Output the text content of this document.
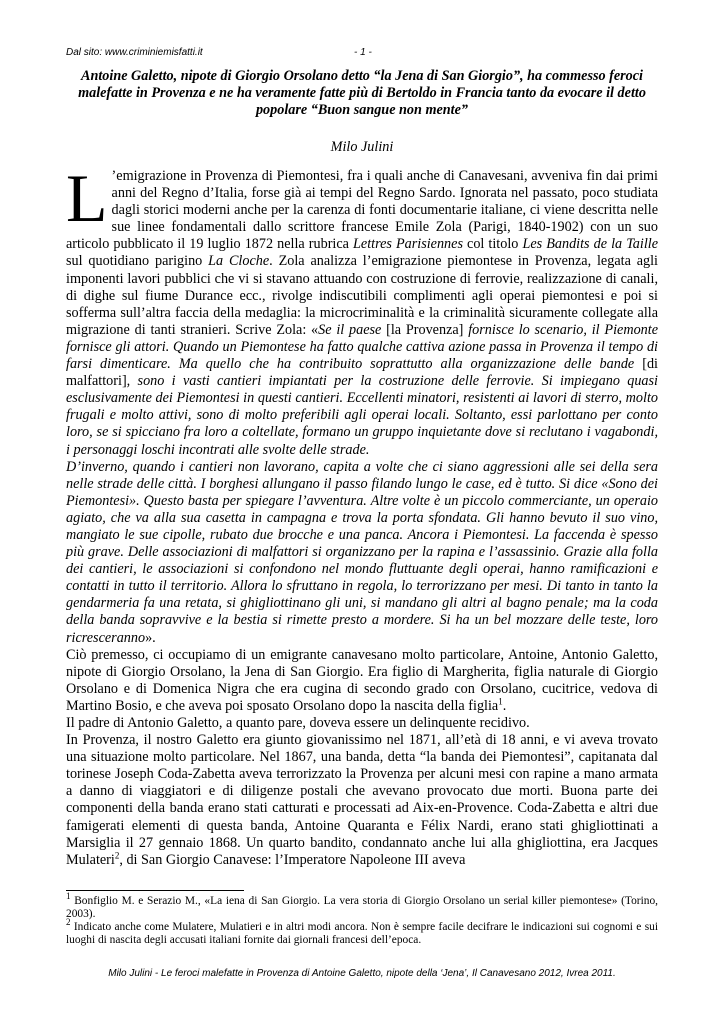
Dal sito: www.criminiemisfatti.it	- 1 -
Antoine Galetto, nipote di Giorgio Orsolano detto “la Jena di San Giorgio”, ha commesso feroci malefatte in Provenza e ne ha veramente fatte più di Bertoldo in Francia tanto da evocare il detto popolare “Buon sangue non mente”
Milo Julini

L ’emigrazione in Provenza di Piemontesi, fra i quali anche di Canavesani, avveniva fin dai primi anni del Regno d’Italia, forse già ai tempi del Regno Sardo. Ignorata nel passato, poco studiata dagli storici moderni anche per la carenza di fonti documentarie italiane, ci viene descritta nelle sue linee fondamentali dallo scrittore francese Emile Zola (Parigi, 1840-1902) con un suo articolo pubblicato il 19 luglio 1872 nella rubrica Lettres Parisiennes col titolo Les Bandits de la Taille sul quotidiano parigino La Cloche. Zola analizza l’emigrazione piemontese in Provenza, legata agli imponenti lavori pubblici che vi si stavano attuando con costruzione di ferrovie, realizzazione di canali, di dighe sul fiume Durance ecc., rivolge indiscutibili complimenti agli operai piemontesi e poi si sofferma sull’altra faccia della medaglia: la microcriminalità e la criminalità sicuramente collegate alla migrazione di tanti stranieri. Scrive Zola: «Se il paese [la Provenza] fornisce lo scenario, il Piemonte fornisce gli attori. Quando un Piemontese ha fatto qualche cattiva azione passa in Provenza il tempo di farsi dimenticare. Ma quello che ha contribuito soprattutto alla organizzazione delle bande [di malfattori], sono i vasti cantieri impiantati per la costruzione delle ferrovie. Si impiegano quasi esclusivamente dei Piemontesi in questi cantieri. Eccellenti minatori, resistenti ai lavori di sterro, molto frugali e molto attivi, sono di molto preferibili agli operai locali. Soltanto, essi parlottano per conto loro, se si spicciano fra loro a coltellate, formano un gruppo inquietante dove si reclutano i vagabondi, i personaggi loschi incontrati alle svolte delle strade.

D’inverno, quando i cantieri non lavorano, capita a volte che ci siano aggressioni alle sei della sera nelle strade delle città. I borghesi allungano il passo filando lungo le case, ed è tutto. Si dice «Sono dei Piemontesi». Questo basta per spiegare l’avventura. Altre volte è un piccolo commerciante, un operaio agiato, che va alla sua casetta in campagna e trova la porta sfondata. Gli hanno bevuto il suo vino, mangiato le sue cipolle, rubato due brocche e una panca. Ancora i Piemontesi. La faccenda è spesso più grave. Delle associazioni di malfattori si organizzano per la rapina e l’assassinio. Grazie alla folla dei cantieri, le associazioni si confondono nel mondo fluttuante degli operai, hanno ramificazioni e contatti in tutto il territorio. Allora lo sfruttano in regola, lo terrorizzano per mesi. Di tanto in tanto la gendarmeria fa una retata, si ghigliottinano gli uni, si mandano gli altri al bagno penale; ma la coda della banda sopravvive e la bestia si rimette presto a mordere. Si ha un bel mozzare delle teste, loro ricresceranno».

Ciò premesso, ci occupiamo di un emigrante canavesano molto particolare, Antoine, Antonio Galetto, nipote di Giorgio Orsolano, la Jena di San Giorgio. Era figlio di Margherita, figlia naturale di Giorgio Orsolano e di Domenica Nigra che era cugina di secondo grado con Orsolano, cucitrice, vedova di Martino Bosio, e che aveva poi sposato Orsolano dopo la nascita della figlia$^1$.

Il padre di Antonio Galetto, a quanto pare, doveva essere un delinquente recidivo.

In Provenza, il nostro Galetto era giunto giovanissimo nel 1871, all’età di 18 anni, e vi aveva trovato una situazione molto particolare. Nel 1867, una banda, detta “la banda dei Piemontesi”, capitanata dal torinese Joseph Coda-Zabetta aveva terrorizzato la Provenza per alcuni mesi con rapine a mano armata a danno di viaggiatori e di diligenze postali che avevano provocato due morti. Buona parte dei componenti della banda erano stati catturati e processati ad Aix-en-Provence. Coda-Zabetta e altri due famigerati elementi di questa banda, Antoine Quaranta e Félix Nardi, erano stati ghigliottinati a Marsiglia il 27 gennaio 1868. Un quarto bandito, condannato anche lui alla ghigliottina, era Jacques Mulateri$^2$, di San Giorgio Canavese: l’Imperatore Napoleone III aveva

$^1$ Bonfiglio M. e Serazio M., «La iena di San Giorgio. La vera storia di Giorgio Orsolano un serial killer piemontese» (Torino, 2003).

$^2$ Indicato anche come Mulatere, Mulatieri e in altri modi ancora. Non è sempre facile decifrare le indicazioni sui cognomi e sui luoghi di nascita degli accusati italiani fornite dai giornali francesi dell’epoca.

Milo Julini - Le feroci malefatte in Provenza di Antoine Galetto, nipote della ‘Jena’, Il Canavesano 2012, Ivrea 2011.
